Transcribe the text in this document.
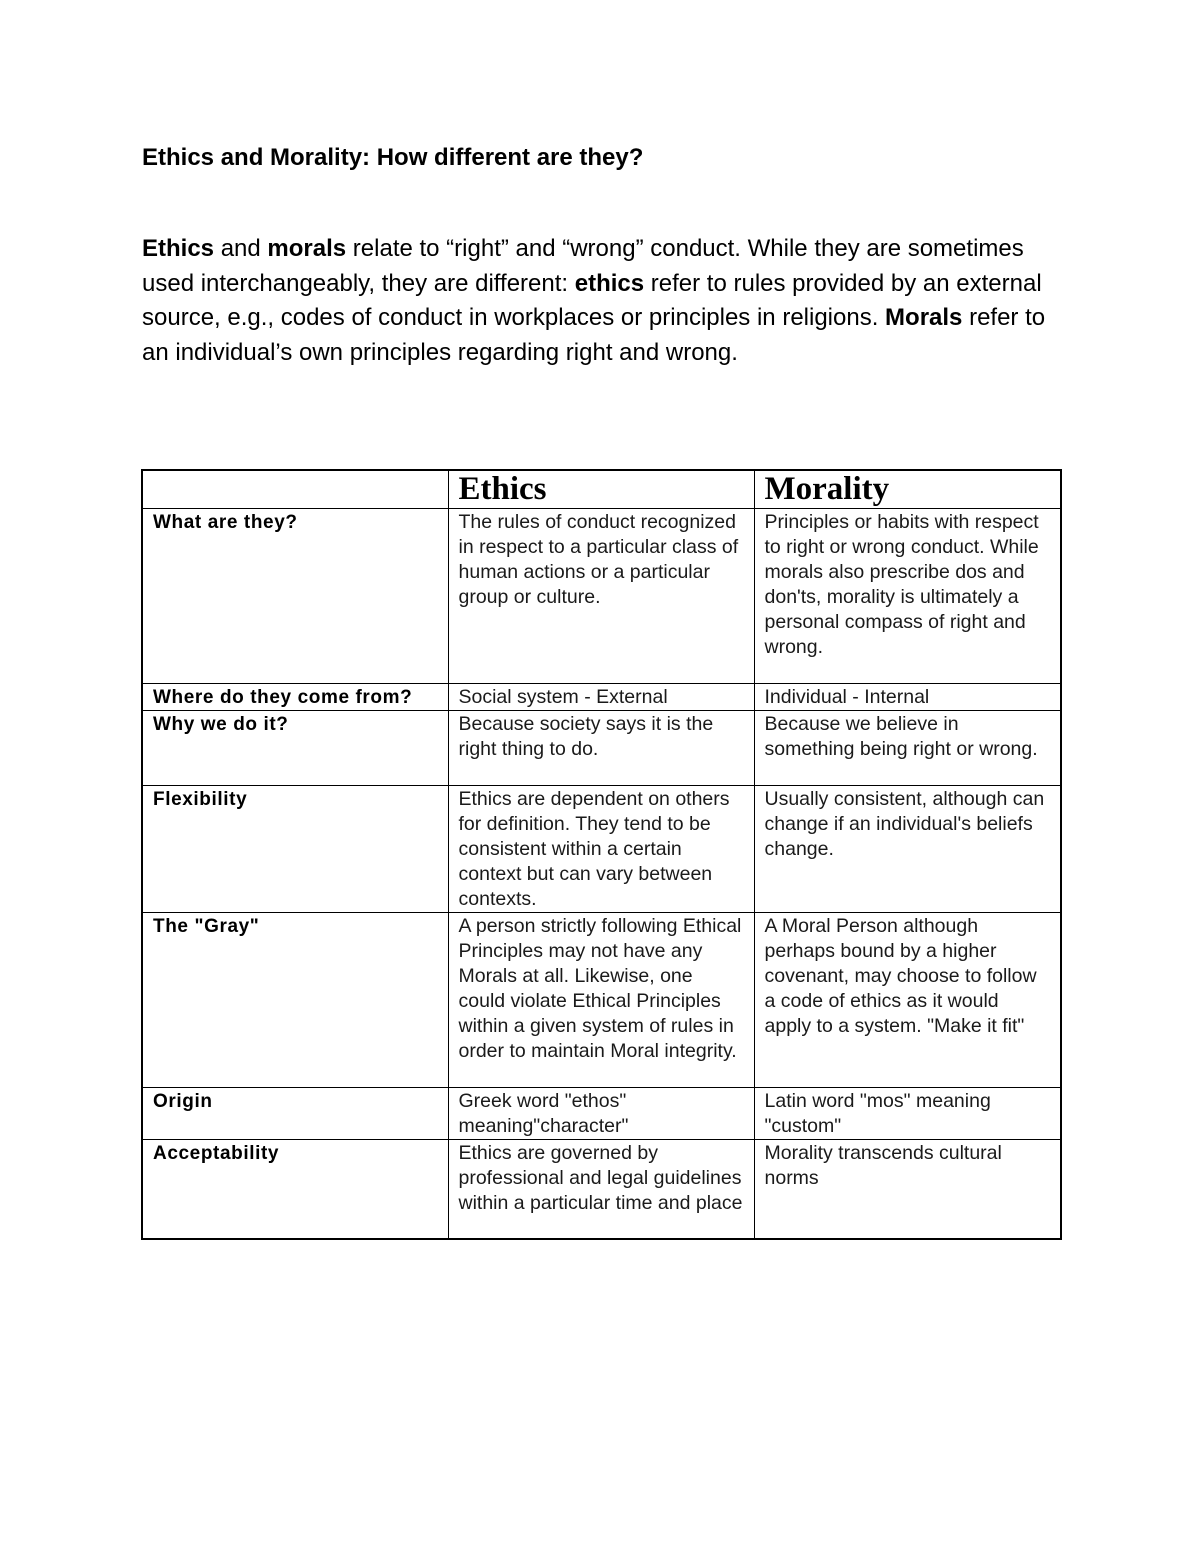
Ethics and Morality: How different are they?

Ethics and morals relate to “right” and “wrong” conduct. While they are sometimes used interchangeably, they are different: ethics refer to rules provided by an external source, e.g., codes of conduct in workplaces or principles in religions. Morals refer to an individual’s own principles regarding right and wrong.

	Ethics	Morality
What are they?	The rules of conduct recognized in respect to a particular class of human actions or a particular group or culture.	Principles or habits with respect to right or wrong conduct. While morals also prescribe dos and don'ts, morality is ultimately a personal compass of right and wrong.
Where do they come from?	Social system - External	Individual - Internal
Why we do it?	Because society says it is the right thing to do.	Because we believe in something being right or wrong.
Flexibility	Ethics are dependent on others for definition. They tend to be consistent within a certain context but can vary between contexts.	Usually consistent, although can change if an individual's beliefs change.
The "Gray"	A person strictly following Ethical Principles may not have any Morals at all. Likewise, one could violate Ethical Principles within a given system of rules in order to maintain Moral integrity.	A Moral Person although perhaps bound by a higher covenant, may choose to follow a code of ethics as it would apply to a system. "Make it fit"
Origin	Greek word "ethos" meaning"character"	Latin word "mos" meaning "custom"
Acceptability	Ethics are governed by professional and legal guidelines within a particular time and place	Morality transcends cultural norms
